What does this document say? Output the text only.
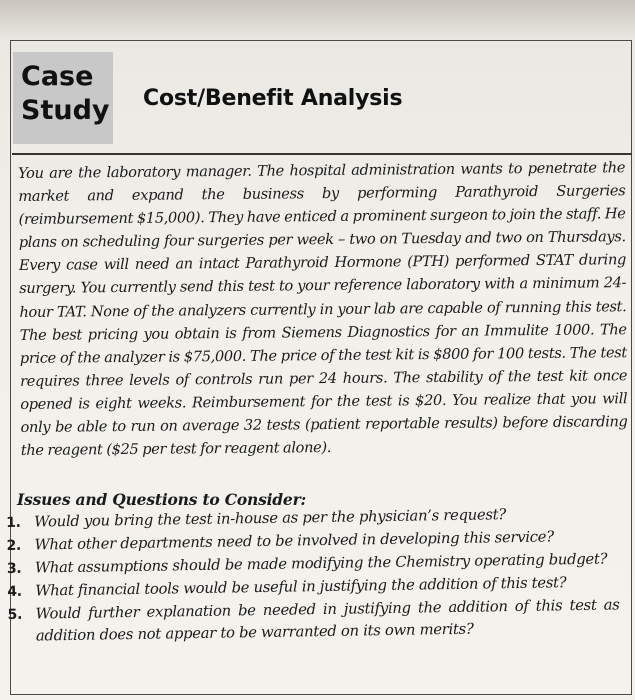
Case
Study Cost/Benefit Analysis
You are the laboratory manager. The hospital administration wants to penetrate the market and expand the business by performing Parathyroid Surgeries (reimbursement $15,000). They have enticed a prominent surgeon to join the staff. He plans on scheduling four surgeries per week – two on Tuesday and two on Thursdays. Every case will need an intact Parathyroid Hormone (PTH) performed STAT during surgery. You currently send this test to your reference laboratory with a minimum 24-hour TAT. None of the analyzers currently in your lab are capable of running this test. The best pricing you obtain is from Siemens Diagnostics for an Immulite 1000. The price of the analyzer is $75,000. The price of the test kit is $800 for 100 tests. The test requires three levels of controls run per 24 hours. The stability of the test kit once opened is eight weeks. Reimbursement for the test is $20. You realize that you will only be able to run on average 32 tests (patient reportable results) before discarding the reagent ($25 per test for reagent alone).
Issues and Questions to Consider:
1. Would you bring the test in-house as per the physician’s request?
2. What other departments need to be involved in developing this service?
3. What assumptions should be made modifying the Chemistry operating budget?
4. What financial tools would be useful in justifying the addition of this test?
5. Would further explanation be needed in justifying the addition of this test as addition does not appear to be warranted on its own merits?
